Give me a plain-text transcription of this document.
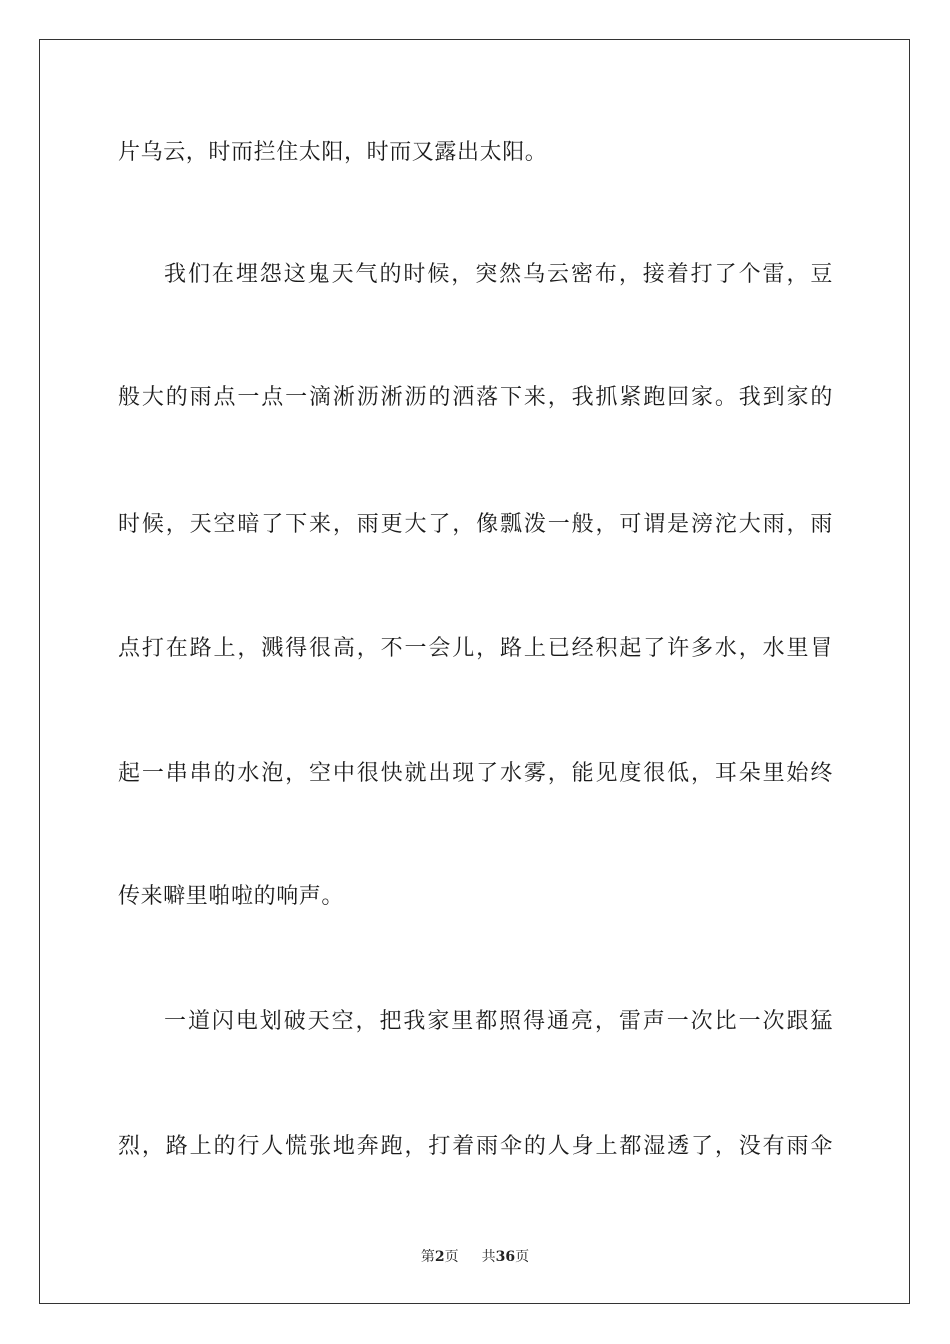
片乌云，时而拦住太阳，时而又露出太阳。
我们在埋怨这鬼天气的时候，突然乌云密布，接着打了个雷，豆
般大的雨点一点一滴淅沥淅沥的洒落下来，我抓紧跑回家。我到家的
时候，天空暗了下来，雨更大了，像瓢泼一般，可谓是滂沱大雨，雨
点打在路上，溅得很高，不一会儿，路上已经积起了许多水，水里冒
起一串串的水泡，空中很快就出现了水雾，能见度很低，耳朵里始终
传来噼里啪啦的响声。
一道闪电划破天空，把我家里都照得通亮，雷声一次比一次跟猛
烈，路上的行人慌张地奔跑，打着雨伞的人身上都湿透了，没有雨伞
第2页 共36页
